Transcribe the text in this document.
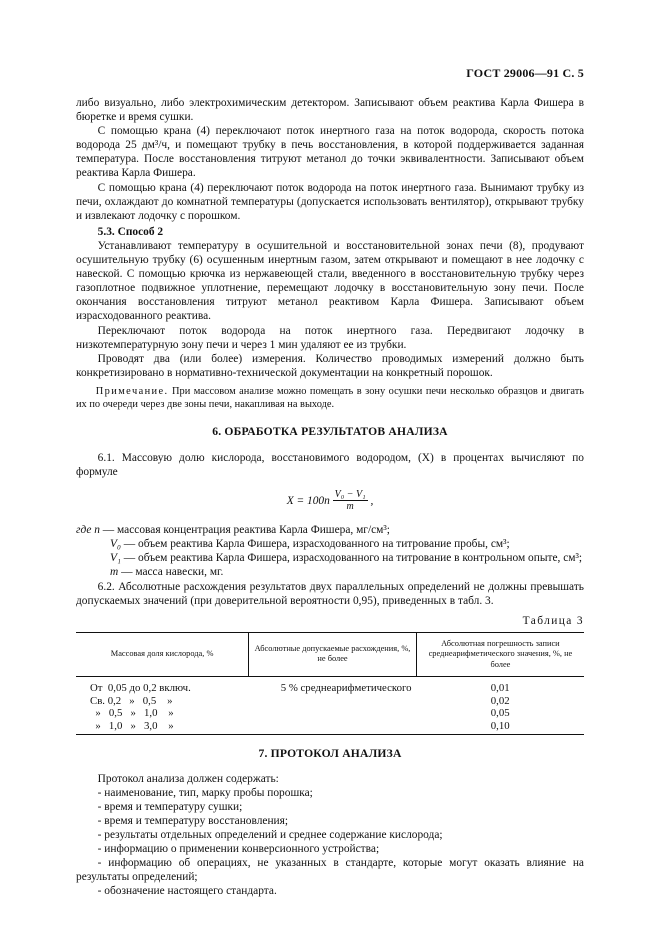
ГОСТ 29006—91 С. 5

либо визуально, либо электрохимическим детектором. Записывают объем реактива Карла Фишера в бюретке и время сушки.

С помощью крана (4) переключают поток инертного газа на поток водорода, скорость потока водорода 25 дм³/ч, и помещают трубку в печь восстановления, в которой поддерживается заданная температура. После восстановления титруют метанол до точки эквивалентности. Записывают объем реактива Карла Фишера.

С помощью крана (4) переключают поток водорода на поток инертного газа. Вынимают трубку из печи, охлаждают до комнатной температуры (допускается использовать вентилятор), открывают трубку и извлекают лодочку с порошком.

5.3. Способ 2

Устанавливают температуру в осушительной и восстановительной зонах печи (8), продувают осушительную трубку (6) осушенным инертным газом, затем открывают и помещают в нее лодочку с навеской. С помощью крючка из нержавеющей стали, введенного в восстановительную трубку через газоплотное подвижное уплотнение, перемещают лодочку в восстановительную зону печи. После окончания восстановления титруют метанол реактивом Карла Фишера. Записывают объем израсходованного реактива.

Переключают поток водорода на поток инертного газа. Передвигают лодочку в низкотемпературную зону печи и через 1 мин удаляют ее из трубки.

Проводят два (или более) измерения. Количество проводимых измерений должно быть конкретизировано в нормативно-технической документации на конкретный порошок.

Примечание. При массовом анализе можно помещать в зону осушки печи несколько образцов и двигать их по очереди через две зоны печи, накапливая на выходе.

6. ОБРАБОТКА РЕЗУЛЬТАТОВ АНАЛИЗА

6.1. Массовую долю кислорода, восстановимого водородом, (X) в процентах вычисляют по формуле

$X = 100n \frac{\text{V₀ − V₁}}{m}$ ,

где n — массовая концентрация реактива Карла Фишера, мг/см³;

V₀ — объем реактива Карла Фишера, израсходованного на титрование пробы, см³;

V₁ — объем реактива Карла Фишера, израсходованного на титрование в контрольном опыте, см³;

m — масса навески, мг.

6.2. Абсолютные расхождения результатов двух параллельных определений не должны превышать допускаемых значений (при доверительной вероятности 0,95), приведенных в табл. 3.

Таблица 3

Массовая доля кислорода, %	Абсолютные допускаемые расхождения, %, не более	Абсолютная погрешность записи среднеарифметического значения, %, не более
От  0,05 до 0,2 включ.	5 % среднеарифметического	0,01
Св. 0,2   »   0,5    »		0,02
»   0,5   »   1,0    »		0,05
»   1,0   »   3,0    »		0,10
7. ПРОТОКОЛ АНАЛИЗА

Протокол анализа должен содержать:

- наименование, тип, марку пробы порошка;

- время и температуру сушки;

- время и температуру восстановления;

- результаты отдельных определений и среднее содержание кислорода;

- информацию о применении конверсионного устройства;

- информацию об операциях, не указанных в стандарте, которые могут оказать влияние на результаты определений;

- обозначение настоящего стандарта.
